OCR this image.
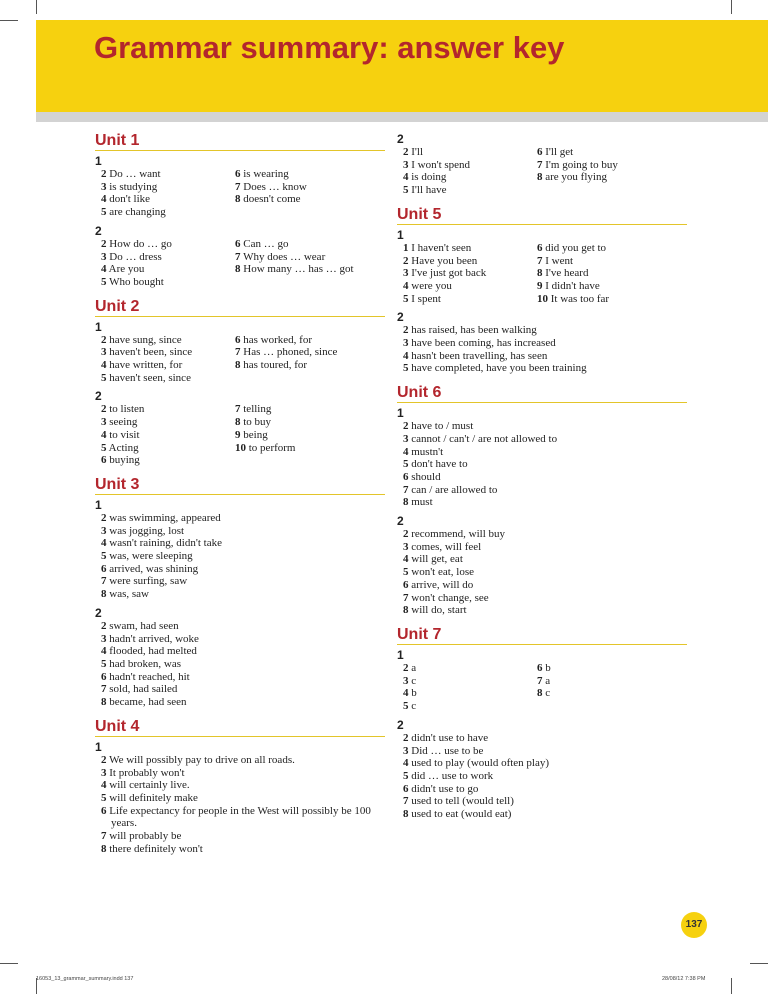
Grammar summary: answer key
Unit 1
1
2 Do … want
3 is studying
4 don't like
5 are changing
6 is wearing
7 Does … know
8 doesn't come
2
2 How do … go
3 Do … dress
4 Are you
5 Who bought
6 Can … go
7 Why does … wear
8 How many … has … got
Unit 2
1
2 have sung, since
3 haven't been, since
4 have written, for
5 haven't seen, since
6 has worked, for
7 Has … phoned, since
8 has toured, for
2
2 to listen
3 seeing
4 to visit
5 Acting
6 buying
7 telling
8 to buy
9 being
10 to perform
Unit 3
1
2 was swimming, appeared
3 was jogging, lost
4 wasn't raining, didn't take
5 was, were sleeping
6 arrived, was shining
7 were surfing, saw
8 was, saw
2
2 swam, had seen
3 hadn't arrived, woke
4 flooded, had melted
5 had broken, was
6 hadn't reached, hit
7 sold, had sailed
8 became, had seen
Unit 4
1
2 We will possibly pay to drive on all roads.
3 It probably won't
4 will certainly live.
5 will definitely make
6 Life expectancy for people in the West will possibly be 100 years.
7 will probably be
8 there definitely won't
2
2 I'll
3 I won't spend
4 is doing
5 I'll have
6 I'll get
7 I'm going to buy
8 are you flying
Unit 5
1
1 I haven't seen
2 Have you been
3 I've just got back
4 were you
5 I spent
6 did you get to
7 I went
8 I've heard
9 I didn't have
10 It was too far
2
2 has raised, has been walking
3 have been coming, has increased
4 hasn't been travelling, has seen
5 have completed, have you been training
Unit 6
1
2 have to / must
3 cannot / can't / are not allowed to
4 mustn't
5 don't have to
6 should
7 can / are allowed to
8 must
2
2 recommend, will buy
3 comes, will feel
4 will get, eat
5 won't eat, lose
6 arrive, will do
7 won't change, see
8 will do, start
Unit 7
1
2 a
3 c
4 b
5 c
6 b
7 a
8 c
2
2 didn't use to have
3 Did … use to be
4 used to play (would often play)
5 did … use to work
6 didn't use to go
7 used to tell (would tell)
8 used to eat (would eat)
137
16053_13_grammar_summary.indd 137	28/08/12 7:38 PM
